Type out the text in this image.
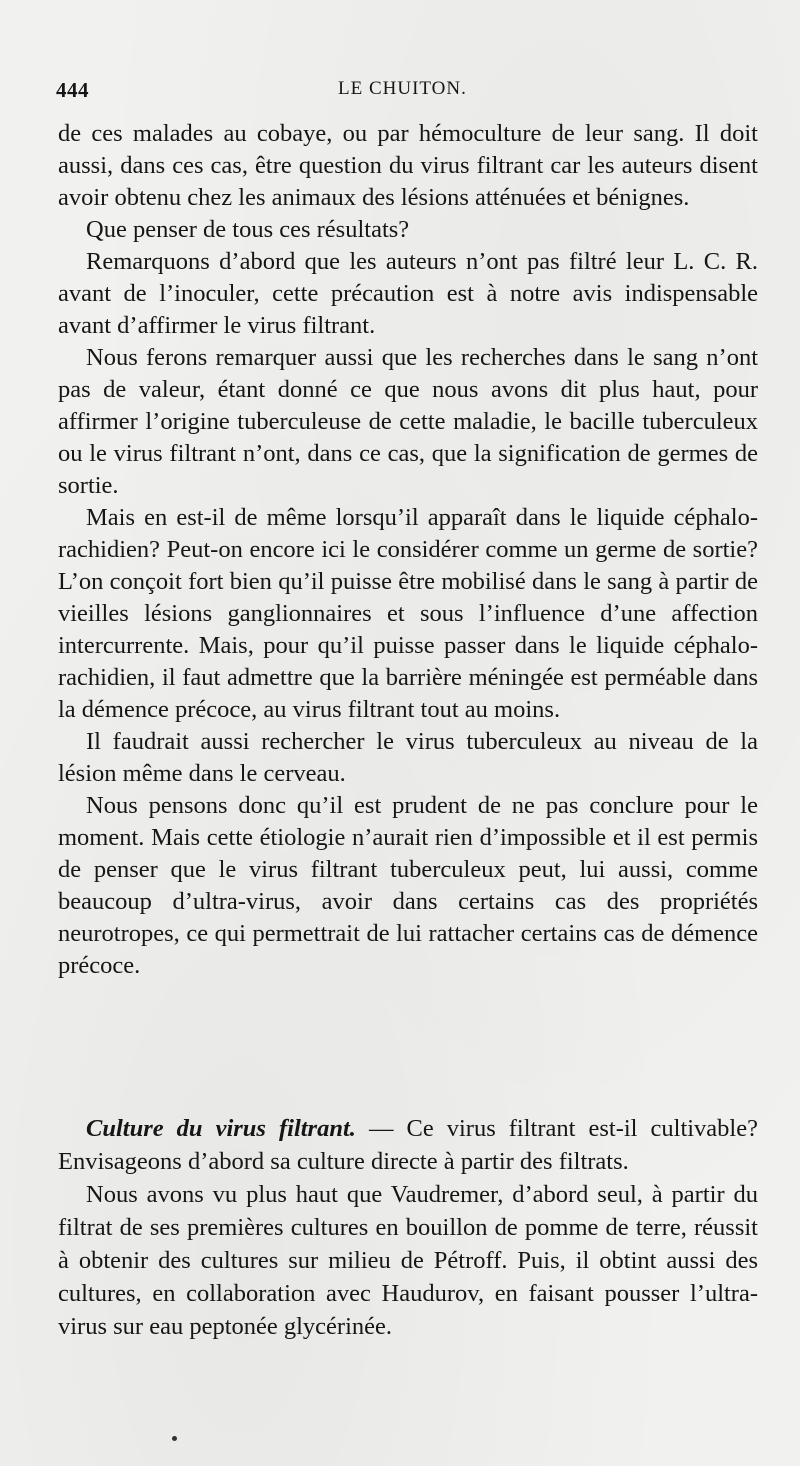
444	LE CHUITON.

de ces malades au cobaye, ou par hémoculture de leur sang. Il doit aussi, dans ces cas, être question du virus filtrant car les auteurs disent avoir obtenu chez les animaux des lésions atténuées et bénignes.

Que penser de tous ces résultats?

Remarquons d’abord que les auteurs n’ont pas filtré leur L. C. R. avant de l’inoculer, cette précaution est à notre avis indispensable avant d’affirmer le virus filtrant.

Nous ferons remarquer aussi que les recherches dans le sang n’ont pas de valeur, étant donné ce que nous avons dit plus haut, pour affirmer l’origine tuberculeuse de cette maladie, le bacille tuberculeux ou le virus filtrant n’ont, dans ce cas, que la signification de germes de sortie.

Mais en est-il de même lorsqu’il apparaît dans le liquide céphalo-rachidien? Peut-on encore ici le considérer comme un germe de sortie? L’on conçoit fort bien qu’il puisse être mobilisé dans le sang à partir de vieilles lésions ganglionnaires et sous l’influence d’une affection intercurrente. Mais, pour qu’il puisse passer dans le liquide céphalo-rachidien, il faut admettre que la barrière méningée est perméable dans la démence précoce, au virus filtrant tout au moins.

Il faudrait aussi rechercher le virus tuberculeux au niveau de la lésion même dans le cerveau.

Nous pensons donc qu’il est prudent de ne pas conclure pour le moment. Mais cette étiologie n’aurait rien d’impossible et il est permis de penser que le virus filtrant tuberculeux peut, lui aussi, comme beaucoup d’ultra-virus, avoir dans certains cas des propriétés neurotropes, ce qui permettrait de lui rattacher certains cas de démence précoce.

Culture du virus filtrant. — Ce virus filtrant est-il cultivable? Envisageons d’abord sa culture directe à partir des filtrats.

Nous avons vu plus haut que Vaudremer, d’abord seul, à partir du filtrat de ses premières cultures en bouillon de pomme de terre, réussit à obtenir des cultures sur milieu de Pétroff. Puis, il obtint aussi des cultures, en collaboration avec Haudurov, en faisant pousser l’ultra-virus sur eau peptonée glycérinée.
